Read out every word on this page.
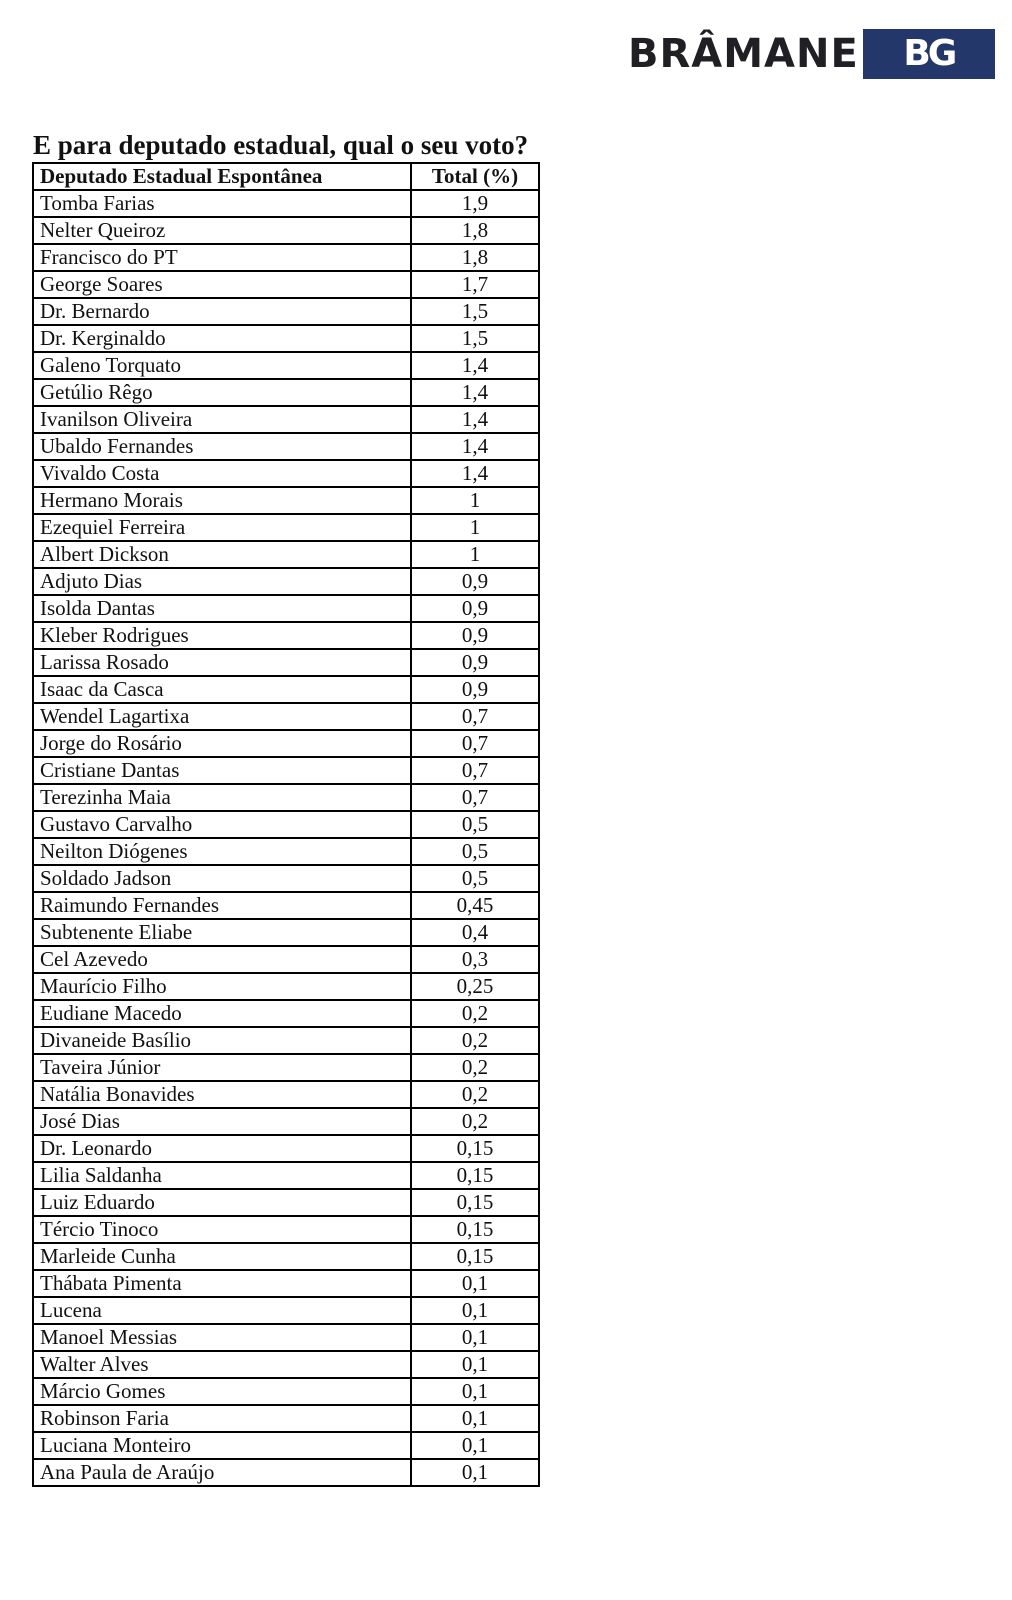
BRÂMANE	BG
E para deputado estadual, qual o seu voto?
Deputado Estadual Espontânea	Total (%)
Tomba Farias	1,9
Nelter Queiroz	1,8
Francisco do PT	1,8
George Soares	1,7
Dr. Bernardo	1,5
Dr. Kerginaldo	1,5
Galeno Torquato	1,4
Getúlio Rêgo	1,4
Ivanilson Oliveira	1,4
Ubaldo Fernandes	1,4
Vivaldo Costa	1,4
Hermano Morais	1
Ezequiel Ferreira	1
Albert Dickson	1
Adjuto Dias	0,9
Isolda Dantas	0,9
Kleber Rodrigues	0,9
Larissa Rosado	0,9
Isaac da Casca	0,9
Wendel Lagartixa	0,7
Jorge do Rosário	0,7
Cristiane Dantas	0,7
Terezinha Maia	0,7
Gustavo Carvalho	0,5
Neilton Diógenes	0,5
Soldado Jadson	0,5
Raimundo Fernandes	0,45
Subtenente Eliabe	0,4
Cel Azevedo	0,3
Maurício Filho	0,25
Eudiane Macedo	0,2
Divaneide Basílio	0,2
Taveira Júnior	0,2
Natália Bonavides	0,2
José Dias	0,2
Dr. Leonardo	0,15
Lilia Saldanha	0,15
Luiz Eduardo	0,15
Tércio Tinoco	0,15
Marleide Cunha	0,15
Thábata Pimenta	0,1
Lucena	0,1
Manoel Messias	0,1
Walter Alves	0,1
Márcio Gomes	0,1
Robinson Faria	0,1
Luciana Monteiro	0,1
Ana Paula de Araújo	0,1
